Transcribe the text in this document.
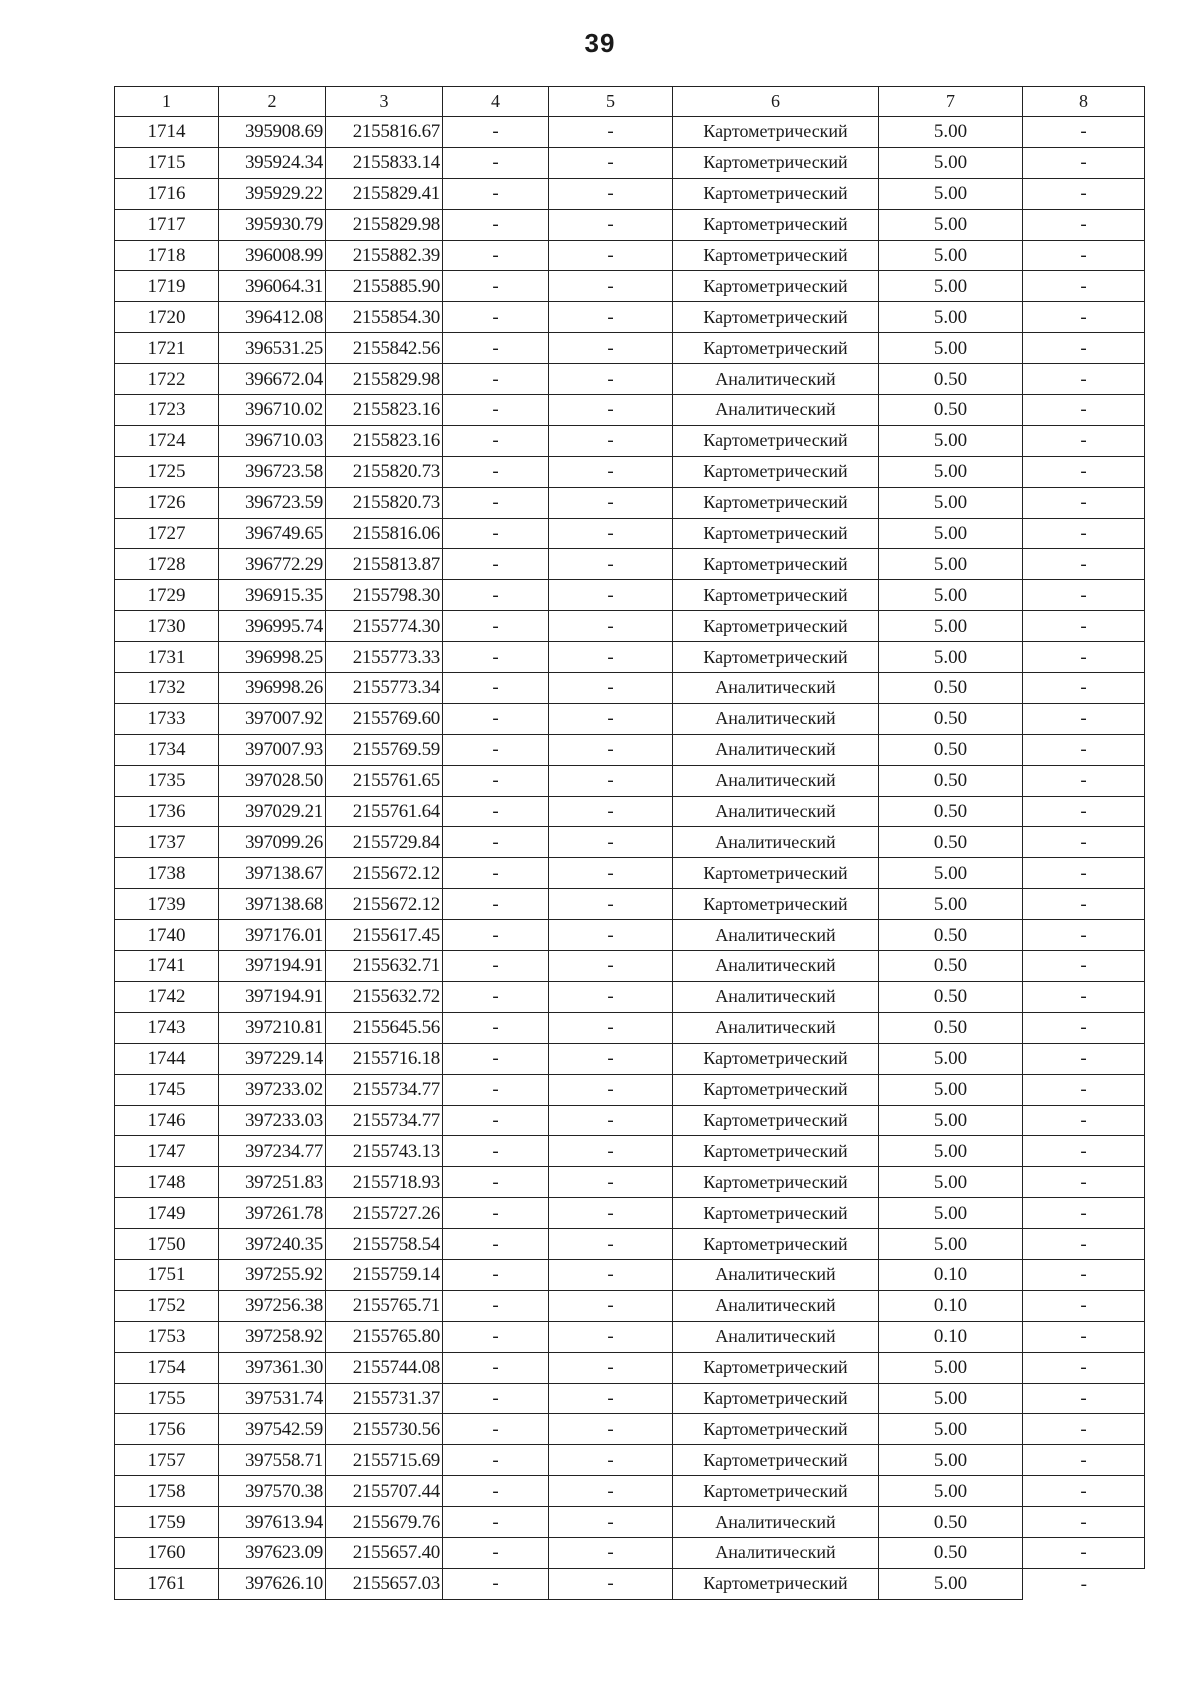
39
1	2	3	4	5	6	7	8
1714	395908.69	2155816.67	-	-	Картометрический	5.00	-
1715	395924.34	2155833.14	-	-	Картометрический	5.00	-
1716	395929.22	2155829.41	-	-	Картометрический	5.00	-
1717	395930.79	2155829.98	-	-	Картометрический	5.00	-
1718	396008.99	2155882.39	-	-	Картометрический	5.00	-
1719	396064.31	2155885.90	-	-	Картометрический	5.00	-
1720	396412.08	2155854.30	-	-	Картометрический	5.00	-
1721	396531.25	2155842.56	-	-	Картометрический	5.00	-
1722	396672.04	2155829.98	-	-	Аналитический	0.50	-
1723	396710.02	2155823.16	-	-	Аналитический	0.50	-
1724	396710.03	2155823.16	-	-	Картометрический	5.00	-
1725	396723.58	2155820.73	-	-	Картометрический	5.00	-
1726	396723.59	2155820.73	-	-	Картометрический	5.00	-
1727	396749.65	2155816.06	-	-	Картометрический	5.00	-
1728	396772.29	2155813.87	-	-	Картометрический	5.00	-
1729	396915.35	2155798.30	-	-	Картометрический	5.00	-
1730	396995.74	2155774.30	-	-	Картометрический	5.00	-
1731	396998.25	2155773.33	-	-	Картометрический	5.00	-
1732	396998.26	2155773.34	-	-	Аналитический	0.50	-
1733	397007.92	2155769.60	-	-	Аналитический	0.50	-
1734	397007.93	2155769.59	-	-	Аналитический	0.50	-
1735	397028.50	2155761.65	-	-	Аналитический	0.50	-
1736	397029.21	2155761.64	-	-	Аналитический	0.50	-
1737	397099.26	2155729.84	-	-	Аналитический	0.50	-
1738	397138.67	2155672.12	-	-	Картометрический	5.00	-
1739	397138.68	2155672.12	-	-	Картометрический	5.00	-
1740	397176.01	2155617.45	-	-	Аналитический	0.50	-
1741	397194.91	2155632.71	-	-	Аналитический	0.50	-
1742	397194.91	2155632.72	-	-	Аналитический	0.50	-
1743	397210.81	2155645.56	-	-	Аналитический	0.50	-
1744	397229.14	2155716.18	-	-	Картометрический	5.00	-
1745	397233.02	2155734.77	-	-	Картометрический	5.00	-
1746	397233.03	2155734.77	-	-	Картометрический	5.00	-
1747	397234.77	2155743.13	-	-	Картометрический	5.00	-
1748	397251.83	2155718.93	-	-	Картометрический	5.00	-
1749	397261.78	2155727.26	-	-	Картометрический	5.00	-
1750	397240.35	2155758.54	-	-	Картометрический	5.00	-
1751	397255.92	2155759.14	-	-	Аналитический	0.10	-
1752	397256.38	2155765.71	-	-	Аналитический	0.10	-
1753	397258.92	2155765.80	-	-	Аналитический	0.10	-
1754	397361.30	2155744.08	-	-	Картометрический	5.00	-
1755	397531.74	2155731.37	-	-	Картометрический	5.00	-
1756	397542.59	2155730.56	-	-	Картометрический	5.00	-
1757	397558.71	2155715.69	-	-	Картометрический	5.00	-
1758	397570.38	2155707.44	-	-	Картометрический	5.00	-
1759	397613.94	2155679.76	-	-	Аналитический	0.50	-
1760	397623.09	2155657.40	-	-	Аналитический	0.50	-
1761	397626.10	2155657.03	-	-	Картометрический	5.00	-
